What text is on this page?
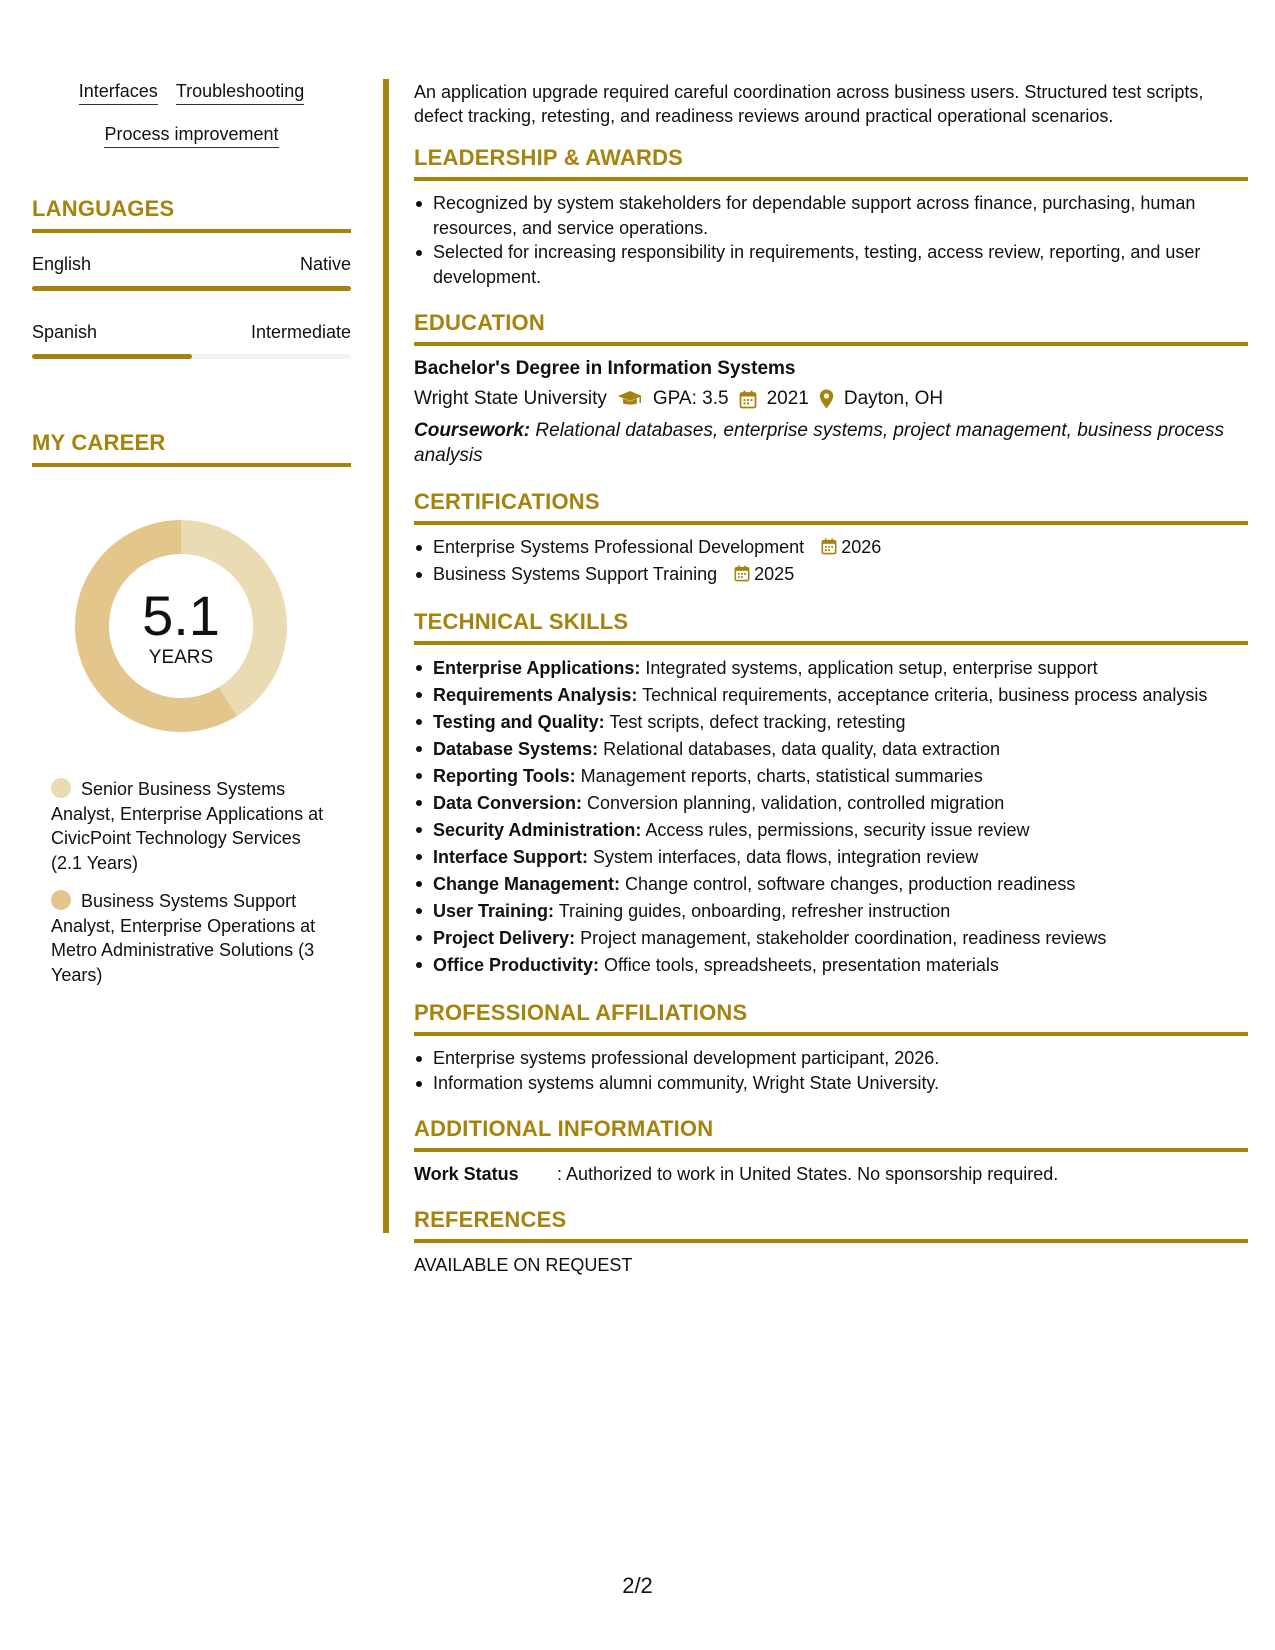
Interfaces Troubleshooting
Process improvement
LANGUAGES
English	Native
Spanish	Intermediate
MY CAREER
5.1
YEARS
Senior Business Systems Analyst, Enterprise Applications at CivicPoint Technology Services (2.1 Years)
Business Systems Support Analyst, Enterprise Operations at Metro Administrative Solutions (3 Years)

An application upgrade required careful coordination across business users. Structured test scripts, defect tracking, retesting, and readiness reviews around practical operational scenarios.

LEADERSHIP & AWARDS
Recognized by system stakeholders for dependable support across finance, purchasing, human resources, and service operations.
Selected for increasing responsibility in requirements, testing, access review, reporting, and user development.
EDUCATION
Bachelor's Degree in Information Systems
Wright State University GPA: 3.5 2021 Dayton, OH
Coursework: Relational databases, enterprise systems, project management, business process analysis
CERTIFICATIONS
Enterprise Systems Professional Development 2026
Business Systems Support Training 2025
TECHNICAL SKILLS
Enterprise Applications: Integrated systems, application setup, enterprise support
Requirements Analysis: Technical requirements, acceptance criteria, business process analysis
Testing and Quality: Test scripts, defect tracking, retesting
Database Systems: Relational databases, data quality, data extraction
Reporting Tools: Management reports, charts, statistical summaries
Data Conversion: Conversion planning, validation, controlled migration
Security Administration: Access rules, permissions, security issue review
Interface Support: System interfaces, data flows, integration review
Change Management: Change control, software changes, production readiness
User Training: Training guides, onboarding, refresher instruction
Project Delivery: Project management, stakeholder coordination, readiness reviews
Office Productivity: Office tools, spreadsheets, presentation materials
PROFESSIONAL AFFILIATIONS
Enterprise systems professional development participant, 2026.
Information systems alumni community, Wright State University.
ADDITIONAL INFORMATION
Work Status	: Authorized to work in United States. No sponsorship required.
REFERENCES
AVAILABLE ON REQUEST
2/2
